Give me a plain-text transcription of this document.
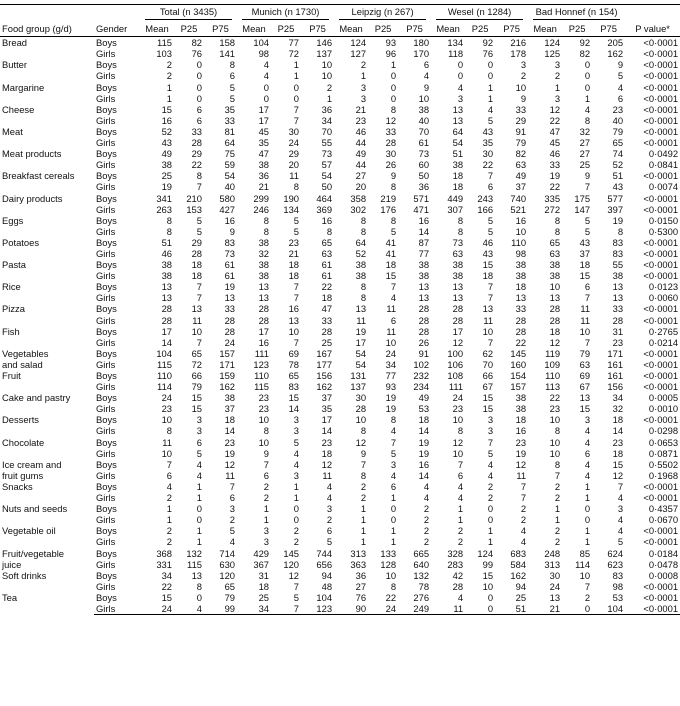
		Total (n 3435)			Munich (n 1730)			Leipzig (n 267)			Wesel (n 1284)			Bad Honnef (n 154)			

Food group (g/d)	Gender	Mean	P25	P75	Mean	P25	P75	Mean	P25	P75	Mean	P25	P75	Mean	P25	P75	P value*
Bread	Boys	115	82	158	104	77	146	124	93	180	134	92	216	124	92	205	<0·0001
	Girls	103	76	141	98	72	137	127	96	170	118	76	178	125	82	162	<0·0001
Butter	Boys	2	0	8	4	1	10	2	1	6	0	0	3	3	0	9	<0·0001
	Girls	2	0	6	4	1	10	1	0	4	0	0	2	2	0	5	<0·0001
Margarine	Boys	1	0	5	0	0	2	3	0	9	4	1	10	1	0	4	<0·0001
	Girls	1	0	5	0	0	1	3	0	10	3	1	9	3	1	6	<0·0001
Cheese	Boys	15	6	35	17	7	36	21	8	38	13	4	33	12	4	23	<0·0001
	Girls	16	6	33	17	7	34	23	12	40	13	5	29	22	8	40	<0·0001
Meat	Boys	52	33	81	45	30	70	46	33	70	64	43	91	47	32	79	<0·0001
	Girls	43	28	64	35	24	55	44	28	61	54	35	79	45	27	65	<0·0001
Meat products	Boys	49	29	75	47	29	73	49	30	73	51	30	82	46	27	74	0·0492
	Girls	38	22	59	38	20	57	44	26	60	38	22	63	33	25	52	0·0841
Breakfast cereals	Boys	25	8	54	36	11	54	27	9	50	18	7	49	19	9	51	<0·0001
	Girls	19	7	40	21	8	50	20	8	36	18	6	37	22	7	43	0·0074
Dairy products	Boys	341	210	580	299	190	464	358	219	571	449	243	740	335	175	577	<0·0001
	Girls	263	153	427	246	134	369	302	176	471	307	166	521	272	147	397	<0·0001
Eggs	Boys	8	5	16	8	5	16	8	8	16	8	5	16	8	5	19	0·0150
	Girls	8	5	9	8	5	8	8	5	14	8	5	10	8	5	8	0·5300
Potatoes	Boys	51	29	83	38	23	65	64	41	87	73	46	110	65	43	83	<0·0001
	Girls	46	28	73	32	21	63	52	41	77	63	43	98	63	37	83	<0·0001
Pasta	Boys	38	18	61	38	18	61	38	18	38	38	15	38	38	18	55	<0·0001
	Girls	38	18	61	38	18	61	38	15	38	38	18	38	38	15	38	<0·0001
Rice	Boys	13	7	19	13	7	22	8	7	13	13	7	18	10	6	13	0·0123
	Girls	13	7	13	13	7	18	8	4	13	13	7	13	13	7	13	0·0060
Pizza	Boys	28	13	33	28	16	47	13	11	28	28	13	33	28	11	33	<0·0001
	Girls	28	11	28	28	13	33	11	6	28	28	11	28	28	11	28	<0·0001
Fish	Boys	17	10	28	17	10	28	19	11	28	17	10	28	18	10	31	0·2765
	Girls	14	7	24	16	7	25	17	10	26	12	7	22	12	7	23	0·0214
Vegetables
and salad	Boys	104	65	157	111	69	167	54	24	91	100	62	145	119	79	171	<0·0001
	Girls	115	72	171	123	78	177	54	34	102	106	70	160	109	63	161	<0·0001
Fruit	Boys	110	66	159	110	65	156	131	77	232	108	66	154	110	69	161	<0·0001
	Girls	114	79	162	115	83	162	137	93	234	111	67	157	113	67	156	<0·0001
Cake and pastry	Boys	24	15	38	23	15	37	30	19	49	24	15	38	22	13	34	0·0005
	Girls	23	15	37	23	14	35	28	19	53	23	15	38	23	15	32	0·0010
Desserts	Boys	10	3	18	10	3	17	10	8	18	10	3	18	10	3	18	<0·0001
	Girls	8	3	14	8	3	14	8	4	14	8	3	16	8	4	14	0·0298
Chocolate	Boys	11	6	23	10	5	23	12	7	19	12	7	23	10	4	23	0·0653
	Girls	10	5	19	9	4	18	9	5	19	10	5	19	10	6	18	0·0871
Ice cream and
fruit gums	Boys	7	4	12	7	4	12	7	3	16	7	4	12	8	4	15	0·5502
	Girls	6	4	11	6	3	11	8	4	14	6	4	11	7	4	12	0·1968
Snacks	Boys	4	1	7	2	1	4	2	6	4	4	2	7	2	1	7	<0·0001
	Girls	2	1	6	2	1	4	2	1	4	4	2	7	2	1	4	<0·0001
Nuts and seeds	Boys	1	0	3	1	0	3	1	0	2	1	0	2	1	0	3	0·4357
	Girls	1	0	2	1	0	2	1	0	2	1	0	2	1	0	4	0·0670
Vegetable oil	Boys	2	1	5	3	2	6	1	1	2	2	1	4	2	1	4	<0·0001
	Girls	2	1	4	3	2	5	1	1	2	2	1	4	2	1	5	<0·0001
Fruit/vegetable
juice	Boys	368	132	714	429	145	744	313	133	665	328	124	683	248	85	624	0·0184
	Girls	331	115	630	367	120	656	363	128	640	283	99	584	313	114	623	0·0478
Soft drinks	Boys	34	13	120	31	12	94	36	10	132	42	15	162	30	10	83	0·0008
	Girls	22	8	65	18	7	48	27	8	78	28	10	94	24	7	98	<0·0001
Tea	Boys	15	0	79	25	5	104	76	22	276	4	0	25	13	2	53	<0·0001
	Girls	24	4	99	34	7	123	90	24	249	11	0	51	21	0	104	<0·0001
